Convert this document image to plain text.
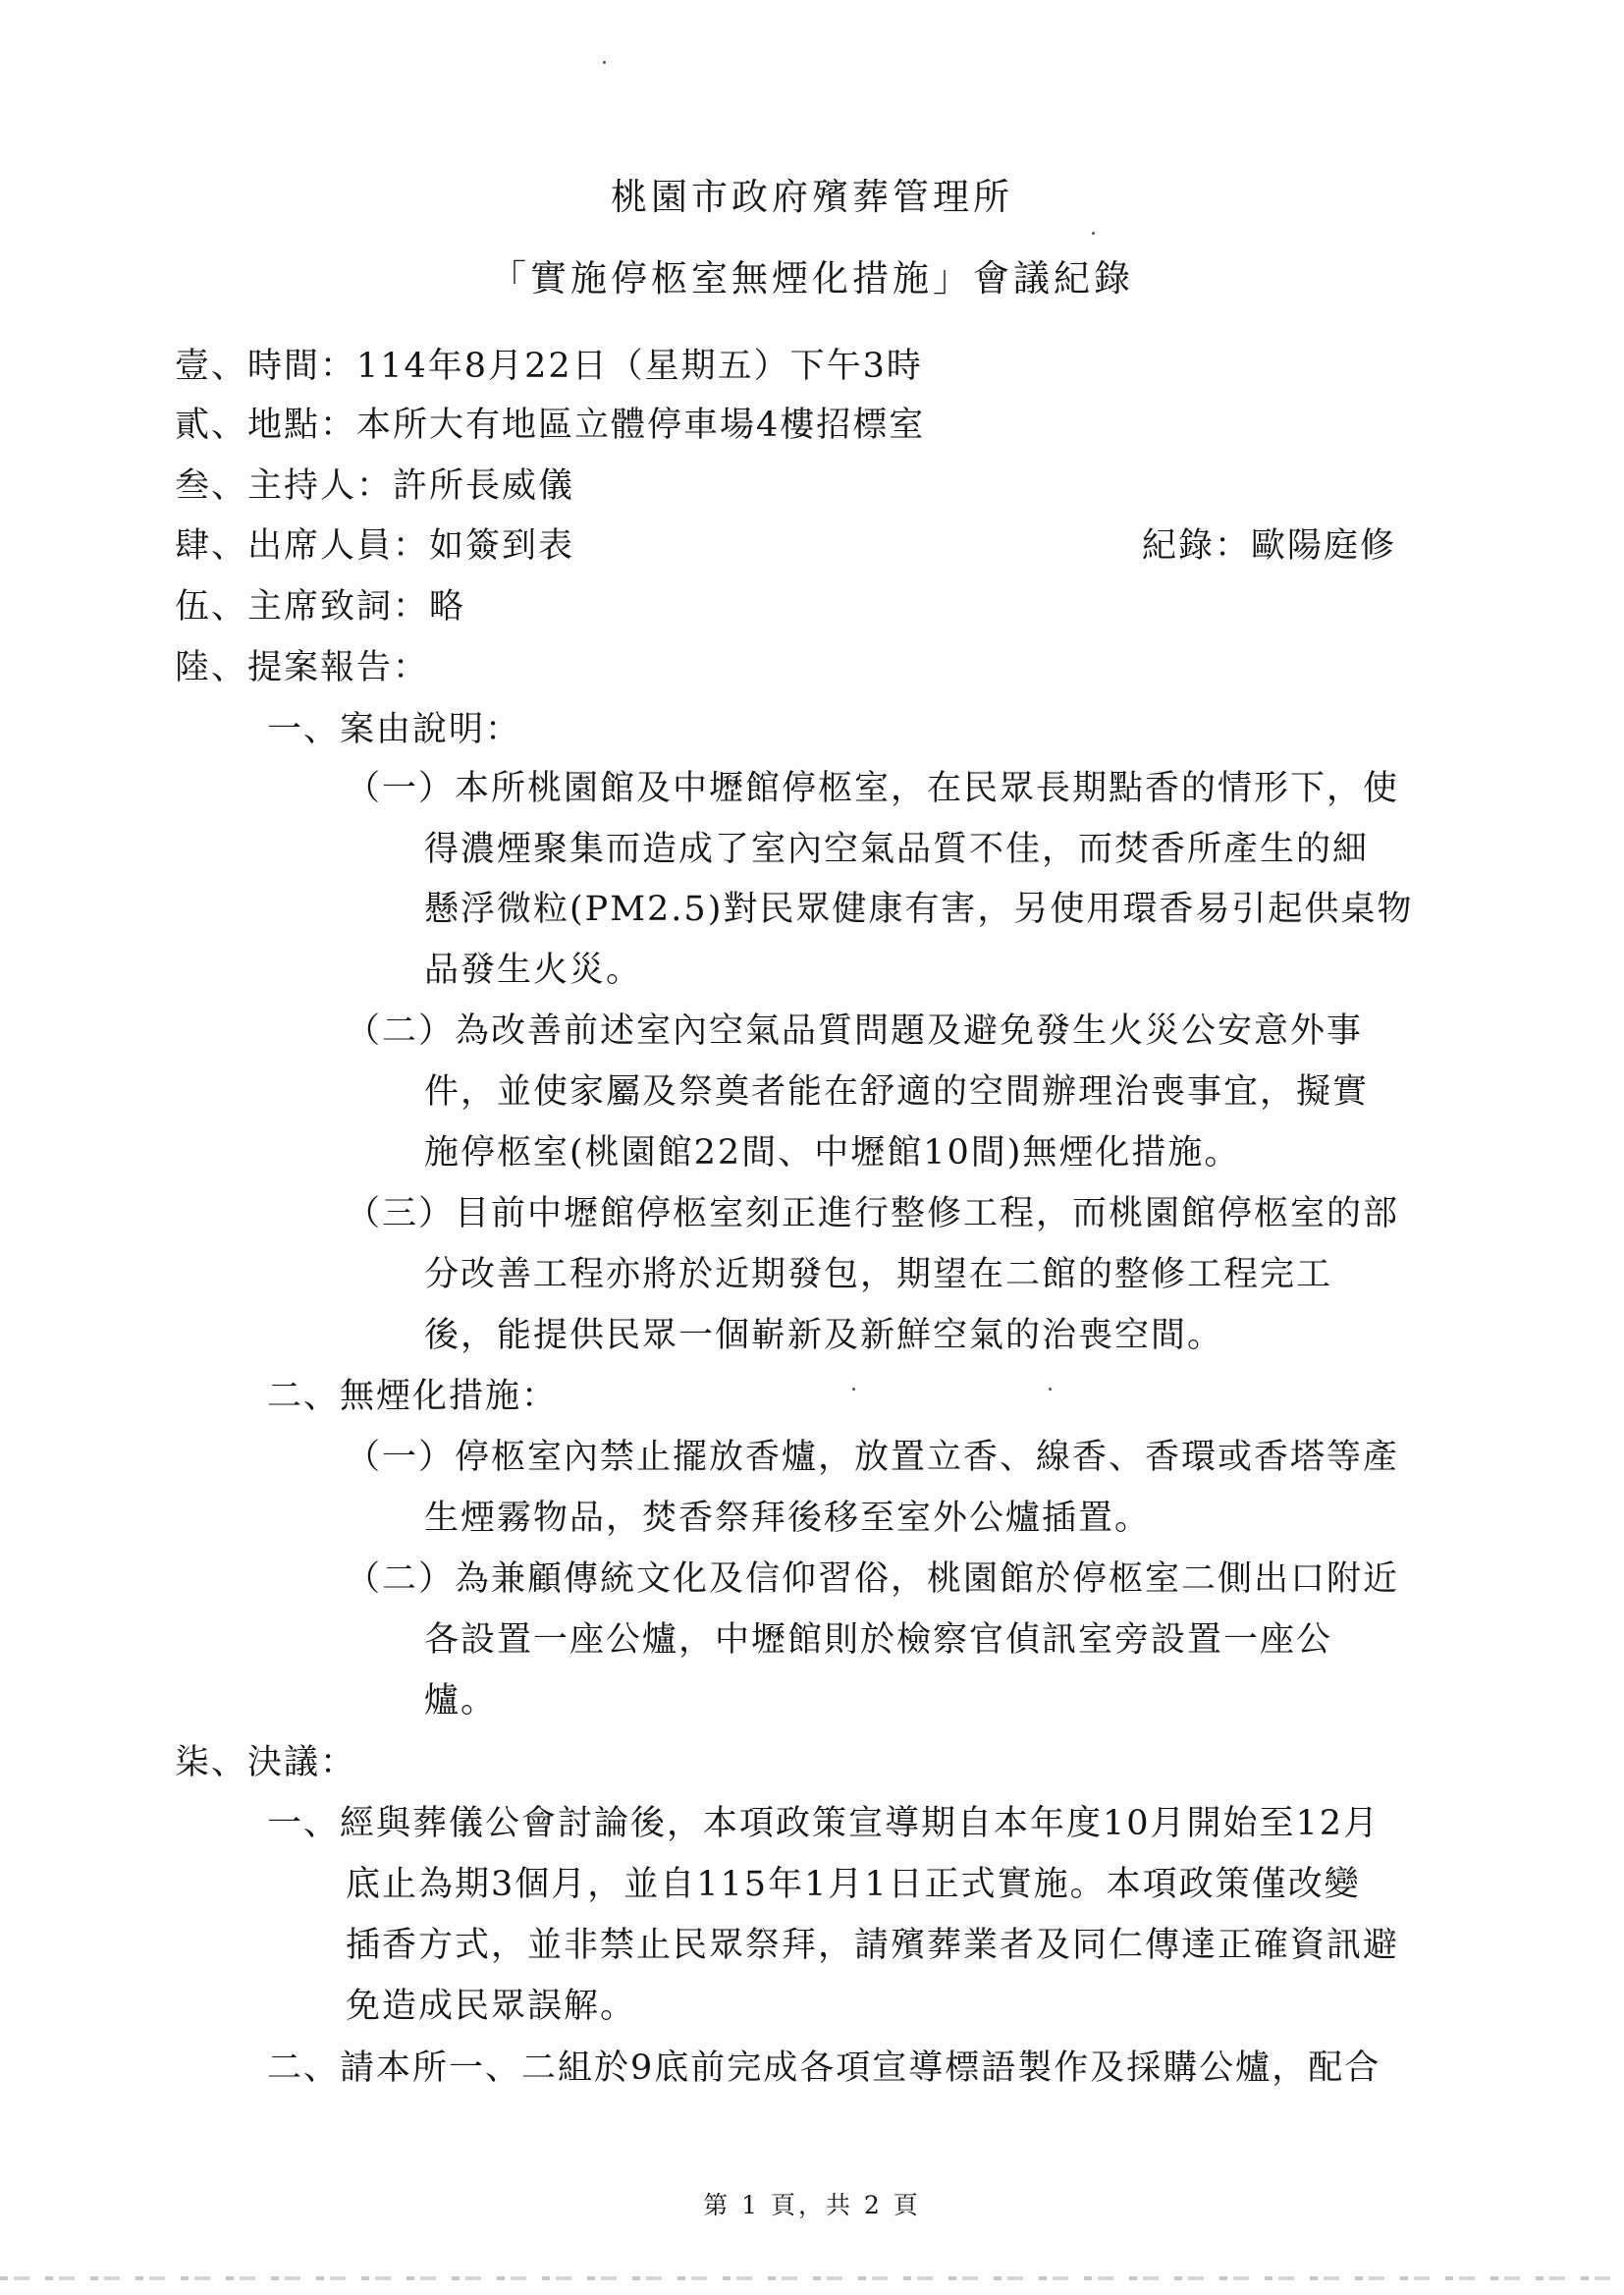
桃園市政府殯葬管理所
「實施停柩室無煙化措施」會議紀錄
壹、時間：114年8月22日（星期五）下午3時
貳、地點：本所大有地區立體停車場4樓招標室
叁、主持人：許所長威儀
肆、出席人員：如簽到表	紀錄：歐陽庭修
伍、主席致詞：略
陸、提案報告：
一、案由說明：
（一）本所桃園館及中壢館停柩室，在民眾長期點香的情形下，使
得濃煙聚集而造成了室內空氣品質不佳，而焚香所產生的細
懸浮微粒(PM2.5)對民眾健康有害，另使用環香易引起供桌物
品發生火災。
（二）為改善前述室內空氣品質問題及避免發生火災公安意外事
件，並使家屬及祭奠者能在舒適的空間辦理治喪事宜，擬實
施停柩室(桃園館22間、中壢館10間)無煙化措施。
（三）目前中壢館停柩室刻正進行整修工程，而桃園館停柩室的部
分改善工程亦將於近期發包，期望在二館的整修工程完工
後，能提供民眾一個嶄新及新鮮空氣的治喪空間。
二、無煙化措施：
（一）停柩室內禁止擺放香爐，放置立香、線香、香環或香塔等產
生煙霧物品，焚香祭拜後移至室外公爐插置。
（二）為兼顧傳統文化及信仰習俗，桃園館於停柩室二側出口附近
各設置一座公爐，中壢館則於檢察官偵訊室旁設置一座公
爐。
柒、決議：
一、經與葬儀公會討論後，本項政策宣導期自本年度10月開始至12月
底止為期3個月，並自115年1月1日正式實施。本項政策僅改變
插香方式，並非禁止民眾祭拜，請殯葬業者及同仁傳達正確資訊避
免造成民眾誤解。
二、請本所一、二組於9底前完成各項宣導標語製作及採購公爐，配合
第 1 頁，共 2 頁
